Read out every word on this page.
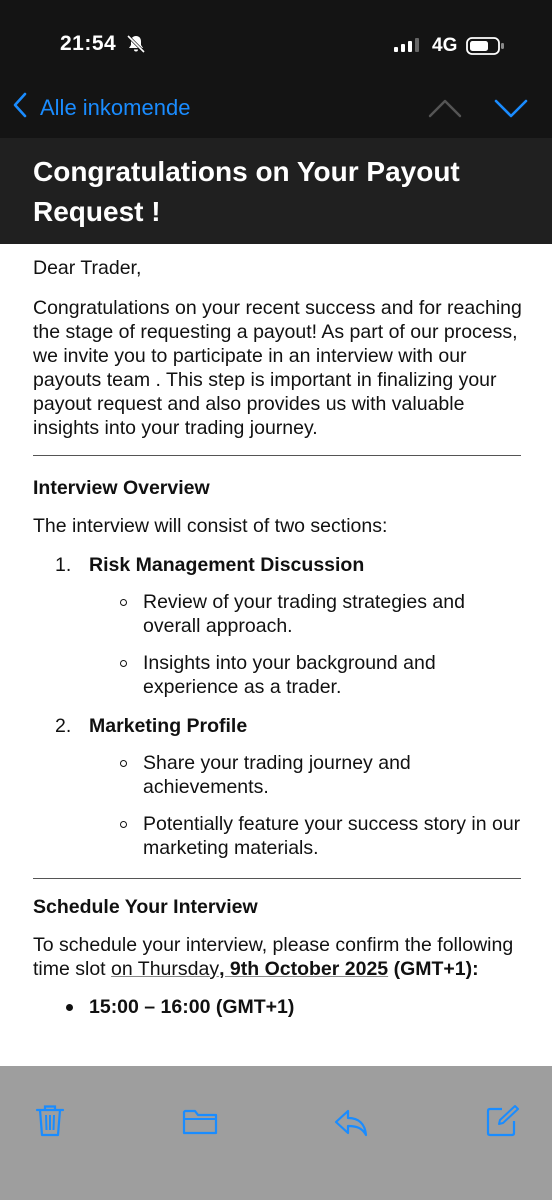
21:54	4G
Alle inkomende
Congratulations on Your Payout Request !

Dear Trader,

Congratulations on your recent success and for reaching the stage of requesting a payout! As part of our process, we invite you to participate in an interview with our payouts team . This step is important in finalizing your payout request and also provides us with valuable insights into your trading journey.

Interview Overview

The interview will consist of two sections:

1. Risk Management Discussion
Review of your trading strategies and overall approach.
Insights into your background and experience as a trader.
2. Marketing Profile
Share your trading journey and achievements.
Potentially feature your success story in our marketing materials.

Schedule Your Interview

To schedule your interview, please confirm the following time slot on Thursday, 9th October 2025 (GMT+1):

15:00 – 16:00 (GMT+1)
